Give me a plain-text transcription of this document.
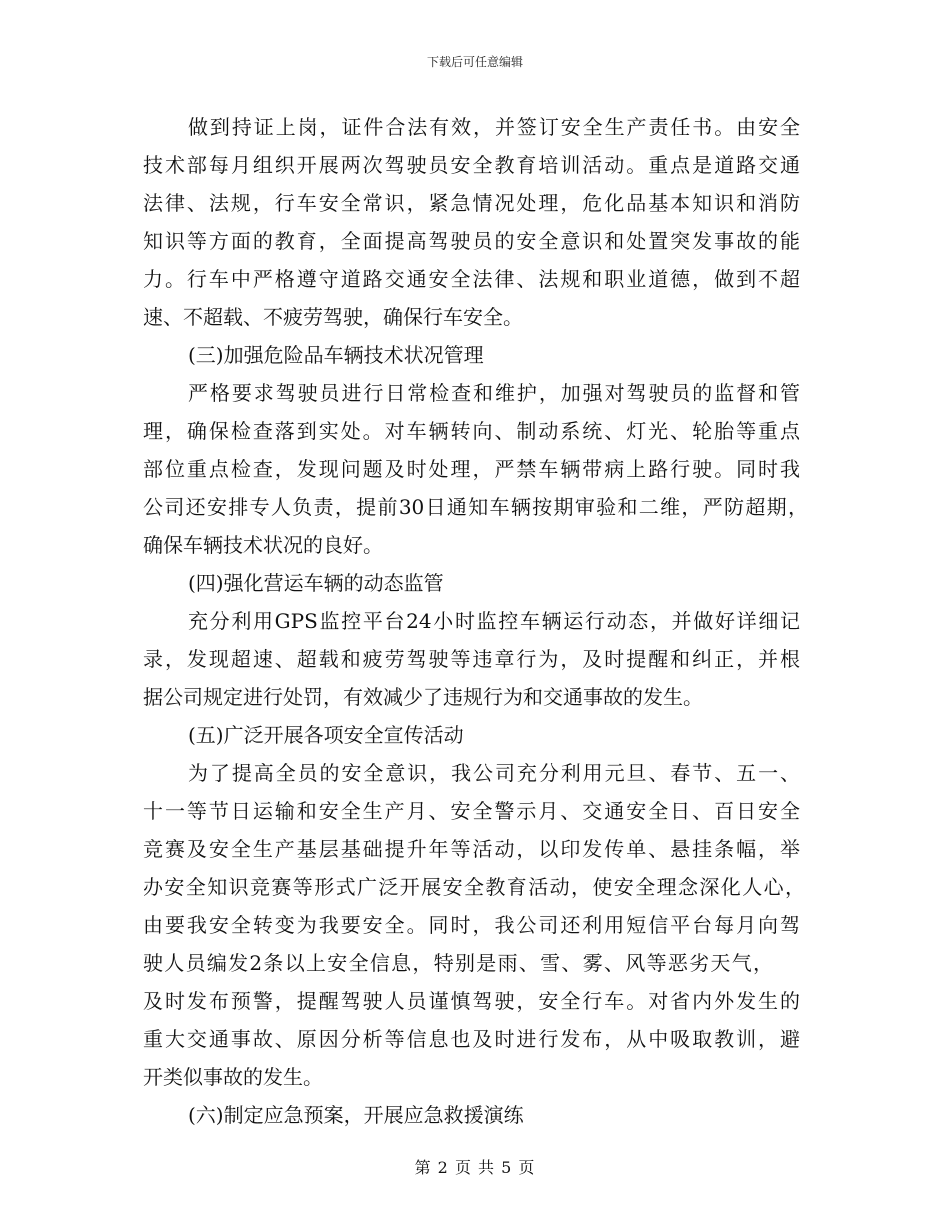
下载后可任意编辑
做到持证上岗，证件合法有效，并签订安全生产责任书。由安全
技术部每月组织开展两次驾驶员安全教育培训活动。重点是道路交通
法律、法规，行车安全常识，紧急情况处理，危化品基本知识和消防
知识等方面的教育，全面提高驾驶员的安全意识和处置突发事故的能
力。行车中严格遵守道路交通安全法律、法规和职业道德，做到不超
速、不超载、不疲劳驾驶，确保行车安全。
(三)加强危险品车辆技术状况管理
严格要求驾驶员进行日常检查和维护，加强对驾驶员的监督和管
理，确保检查落到实处。对车辆转向、制动系统、灯光、轮胎等重点
部位重点检查，发现问题及时处理，严禁车辆带病上路行驶。同时我
公司还安排专人负责，提前30日通知车辆按期审验和二维，严防超期，
确保车辆技术状况的良好。
(四)强化营运车辆的动态监管
充分利用GPS监控平台24小时监控车辆运行动态，并做好详细记
录，发现超速、超载和疲劳驾驶等违章行为，及时提醒和纠正，并根
据公司规定进行处罚，有效减少了违规行为和交通事故的发生。
(五)广泛开展各项安全宣传活动
为了提高全员的安全意识，我公司充分利用元旦、春节、五一、
十一等节日运输和安全生产月、安全警示月、交通安全日、百日安全
竞赛及安全生产基层基础提升年等活动，以印发传单、悬挂条幅，举
办安全知识竞赛等形式广泛开展安全教育活动，使安全理念深化人心，
由要我安全转变为我要安全。同时，我公司还利用短信平台每月向驾
驶人员编发2条以上安全信息，特别是雨、雪、雾、风等恶劣天气，
及时发布预警，提醒驾驶人员谨慎驾驶，安全行车。对省内外发生的
重大交通事故、原因分析等信息也及时进行发布，从中吸取教训，避
开类似事故的发生。
(六)制定应急预案，开展应急救援演练
第 2 页 共 5 页
